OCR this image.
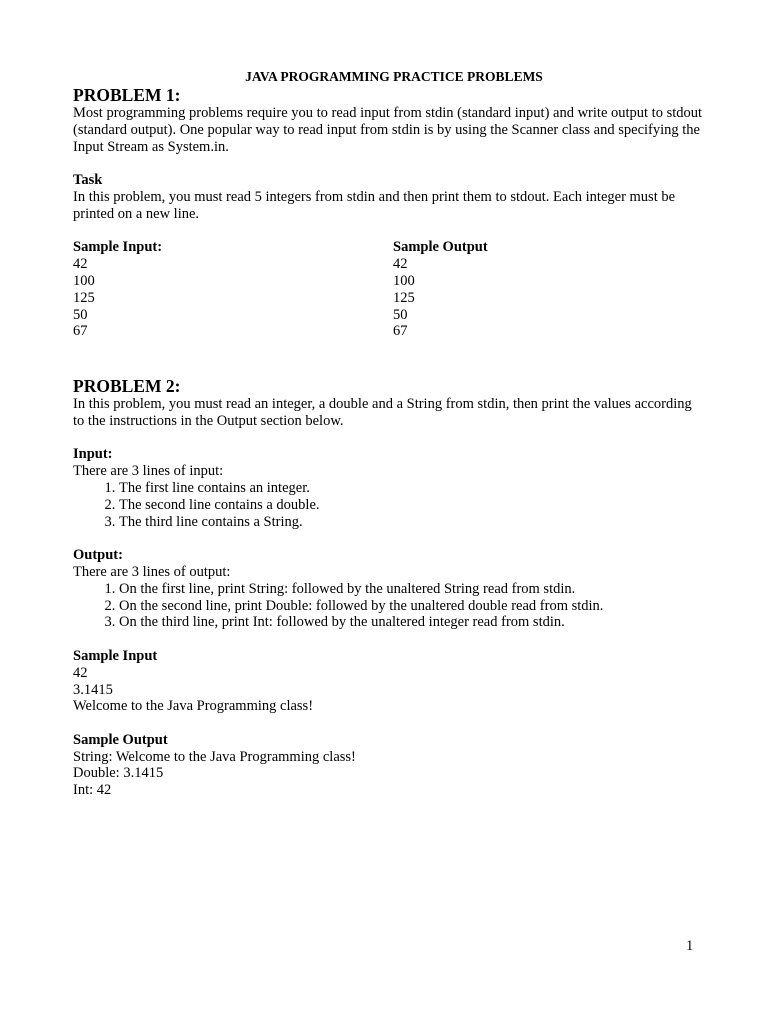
JAVA PROGRAMMING PRACTICE PROBLEMS

PROBLEM 1:

Most programming problems require you to read input from stdin (standard input) and write output to stdout (standard output). One popular way to read input from stdin is by using the Scanner class and specifying the Input Stream as System.in.

Task

In this problem, you must read 5 integers from stdin and then print them to stdout. Each integer must be printed on a new line.

Sample Input:

42

100

125

50

67

Sample Output

42

100

125

50

67

PROBLEM 2:

In this problem, you must read an integer, a double and a String from stdin, then print the values according to the instructions in the Output section below.

Input:

There are 3 lines of input:

1. The first line contains an integer.
2. The second line contains a double.
3. The third line contains a String.

Output:

There are 3 lines of output:

1. On the first line, print String: followed by the unaltered String read from stdin.
2. On the second line, print Double: followed by the unaltered double read from stdin.
3. On the third line, print Int: followed by the unaltered integer read from stdin.

Sample Input

42

3.1415

Welcome to the Java Programming class!

Sample Output

String: Welcome to the Java Programming class!

Double: 3.1415

Int: 42

1
